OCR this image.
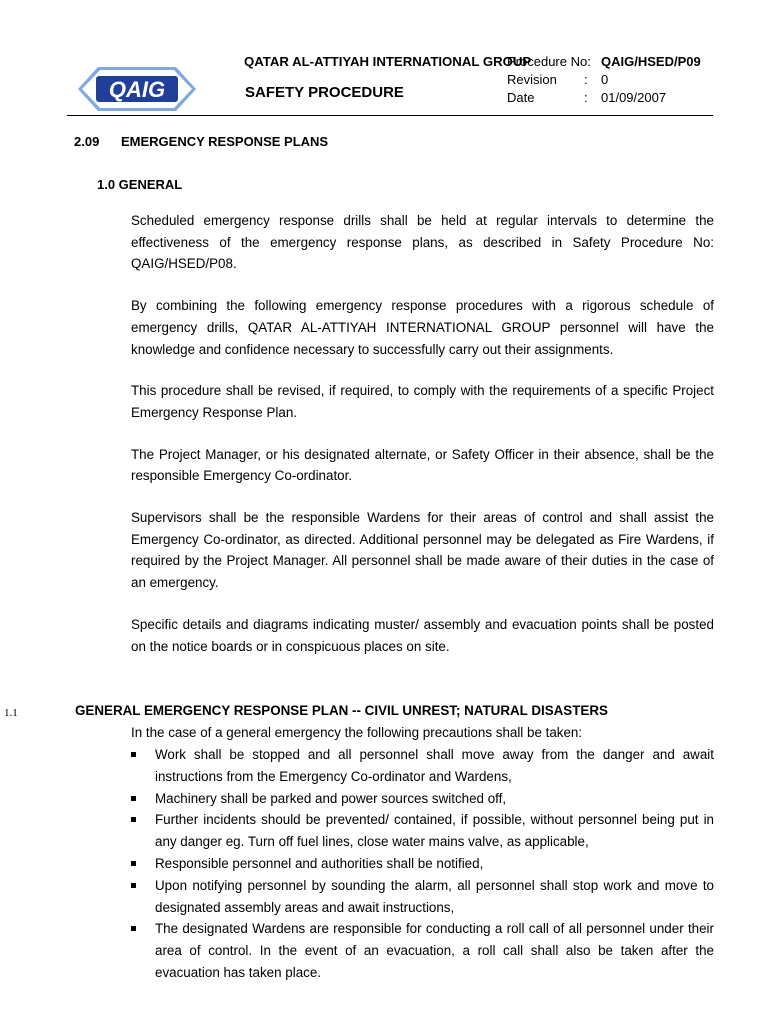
QAIG
QATAR AL-ATTIYAH INTERNATIONAL GROUP
SAFETY PROCEDURE
Procedure No: QAIG/HSED/P09
Revision : 0
Date	: 01/09/2007
2.09 EMERGENCY RESPONSE PLANS
1.0 GENERAL

Scheduled emergency response drills shall be held at regular intervals to determine the effectiveness of the emergency response plans, as described in Safety Procedure No: QAIG/HSED/P08.

By combining the following emergency response procedures with a rigorous schedule of emergency drills, QATAR AL-ATTIYAH INTERNATIONAL GROUP personnel will have the knowledge and confidence necessary to successfully carry out their assignments.

This procedure shall be revised, if required, to comply with the requirements of a specific Project Emergency Response Plan.

The Project Manager, or his designated alternate, or Safety Officer in their absence, shall be the responsible Emergency Co-ordinator.

Supervisors shall be the responsible Wardens for their areas of control and shall assist the Emergency Co-ordinator, as directed. Additional personnel may be delegated as Fire Wardens, if required by the Project Manager. All personnel shall be made aware of their duties in the case of an emergency.

Specific details and diagrams indicating muster/ assembly and evacuation points shall be posted on the notice boards or in conspicuous places on site.

1.1	GENERAL EMERGENCY RESPONSE PLAN -- CIVIL UNREST; NATURAL DISASTERS
In the case of a general emergency the following precautions shall be taken:
Work shall be stopped and all personnel shall move away from the danger and await instructions from the Emergency Co-ordinator and Wardens,
Machinery shall be parked and power sources switched off,
Further incidents should be prevented/ contained, if possible, without personnel being put in any danger eg. Turn off fuel lines, close water mains valve, as applicable,
Responsible personnel and authorities shall be notified,
Upon notifying personnel by sounding the alarm, all personnel shall stop work and move to designated assembly areas and await instructions,
The designated Wardens are responsible for conducting a roll call of all personnel under their area of control. In the event of an evacuation, a roll call shall also be taken after the evacuation has taken place.
